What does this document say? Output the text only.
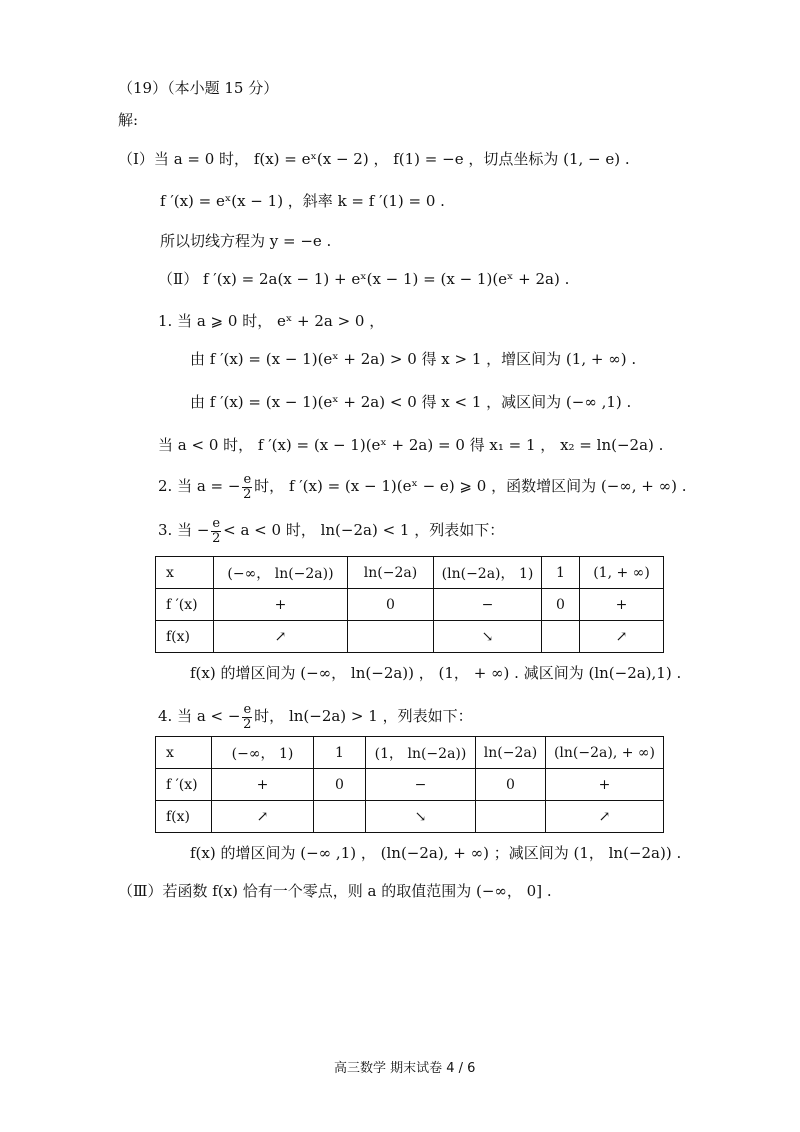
（19）（本小题 15 分）
解:
（Ⅰ）当 a = 0 时， f(x) = eˣ(x − 2) ， f(1) = −e ，切点坐标为 (1, − e) .
f ′(x) = eˣ(x − 1) ，斜率 k = f ′(1) = 0 .
所以切线方程为 y = −e .
（Ⅱ） f ′(x) = 2a(x − 1) + eˣ(x − 1) = (x − 1)(eˣ + 2a) .
1. 当 a ⩾ 0 时， eˣ + 2a > 0 ，
由 f ′(x) = (x − 1)(eˣ + 2a) > 0 得 x > 1 ，增区间为 (1, + ∞) .
由 f ′(x) = (x − 1)(eˣ + 2a) < 0 得 x < 1 ，减区间为 (−∞ ,1) .
当 a < 0 时， f ′(x) = (x − 1)(eˣ + 2a) = 0 得 x₁ = 1 ， x₂ = ln(−2a) .
2. 当 a = − $\frac{e}{2}$ 时， f ′(x) = (x − 1)(eˣ − e) ⩾ 0 ，函数增区间为 (−∞, + ∞) .
3. 当 − $\frac{e}{2} < a < 0$ 时， ln(−2a) < 1 ，列表如下：
x	(−∞， ln(−2a))	ln(−2a)	(ln(−2a)， 1)	1	(1, + ∞)
f ′(x)	+	0	−	0	+
f(x)	↗		↘		↗
f(x) 的增区间为 (−∞， ln(−2a)) ， (1， + ∞) . 减区间为 (ln(−2a),1) .
4. 当 a < − $\frac{e}{2}$ 时， ln(−2a) > 1 ，列表如下：
x	(−∞， 1)	1	(1， ln(−2a))	ln(−2a)	(ln(−2a), + ∞)
f ′(x)	+	0	−	0	+
f(x)	↗		↘		↗
f(x) 的增区间为 (−∞ ,1) ， (ln(−2a), + ∞) ；减区间为 (1， ln(−2a)) .
（Ⅲ）若函数 f(x) 恰有一个零点，则 a 的取值范围为 (−∞， 0] .
高三数学 期末试卷 4 / 6
